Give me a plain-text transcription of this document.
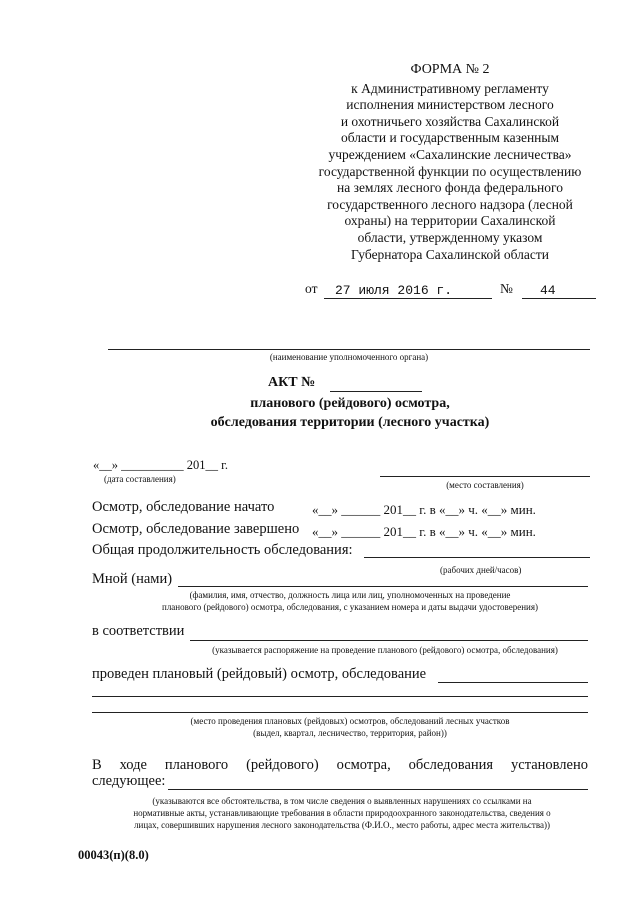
ФОРМА № 2
к Административному регламенту
исполнения министерством лесного
и охотничьего хозяйства Сахалинской
области и государственным казенным
учреждением «Сахалинские лесничества»
государственной функции по осуществлению
на землях лесного фонда федерального
государственного лесного надзора (лесной
охраны) на территории Сахалинской
области, утвержденному указом
Губернатора Сахалинской области
от 27 июля 2016 г.	№ 44
(наименование уполномоченного органа)
АКТ №
планового (рейдового) осмотра,
обследования территории (лесного участка)
«__» __________ 201__ г.
(дата составления)
(место составления)
Осмотр, обследование начато	«__» ______ 201__ г. в «__» ч. «__» мин.
Осмотр, обследование завершено «__» ______ 201__ г. в «__» ч. «__» мин.
Общая продолжительность обследования:
(рабочих дней/часов)
Мной (нами)
(фамилия, имя, отчество, должность лица или лиц, уполномоченных на проведение
планового (рейдового) осмотра, обследования, с указанием номера и даты выдачи удостоверения)
в соответствии
(указывается распоряжение на проведение планового (рейдового) осмотра, обследования)
проведен плановый (рейдовый) осмотр, обследование
(место проведения плановых (рейдовых) осмотров, обследований лесных участков
(выдел, квартал, лесничество, территория, район))
В ходе планового (рейдового) осмотра, обследования установлено
следующее:
(указываются все обстоятельства, в том числе сведения о выявленных нарушениях со ссылками на
нормативные акты, устанавливающие требования в области природоохранного законодательства, сведения о
лицах, совершивших нарушения лесного законодательства (Ф.И.О., место работы, адрес места жительства))
00043(п)(8.0)
